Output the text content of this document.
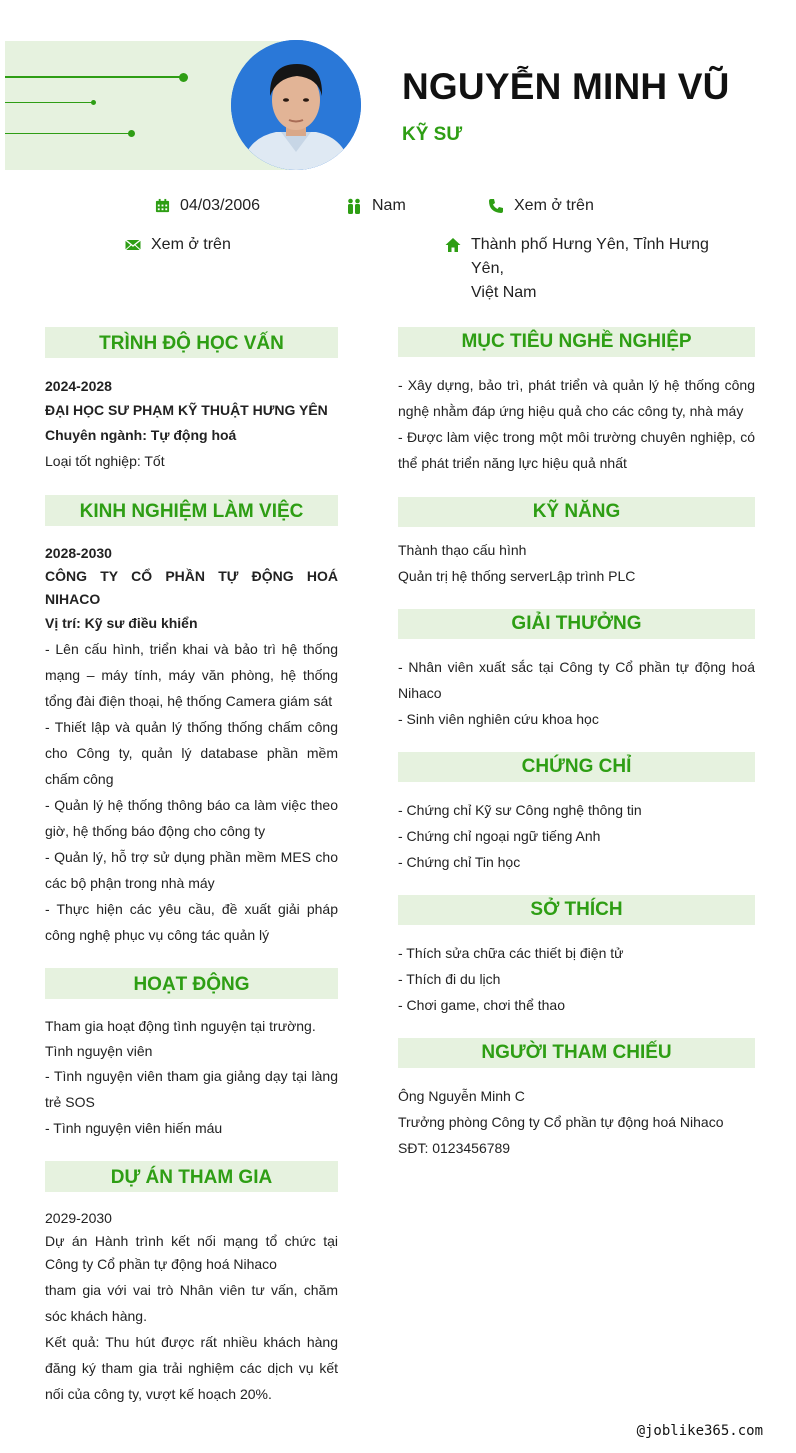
NGUYỄN MINH VŨ
KỸ SƯ
04/03/2006	Nam	Xem ở trên
Xem ở trên	Thành phố Hưng Yên, Tỉnh Hưng Yên,
Việt Nam
TRÌNH ĐỘ HỌC VẤN
2024-2028
ĐẠI HỌC SƯ PHẠM KỸ THUẬT HƯNG YÊN
Chuyên ngành: Tự động hoá
Loại tốt nghiệp: Tốt
KINH NGHIỆM LÀM VIỆC
2028-2030
CÔNG TY CỔ PHẦN TỰ ĐỘNG HOÁ NIHACO
Vị trí: Kỹ sư điều khiển
- Lên cấu hình, triển khai và bảo trì hệ thống mạng – máy tính, máy văn phòng, hệ thống tổng đài điện thoại, hệ thống Camera giám sát
- Thiết lập và quản lý thống thống chấm công cho Công ty, quản lý database phần mềm chấm công
- Quản lý hệ thống thông báo ca làm việc theo giờ, hệ thống báo động cho công ty
- Quản lý, hỗ trợ sử dụng phần mềm MES cho các bộ phận trong nhà máy
- Thực hiện các yêu cầu, đề xuất giải pháp công nghệ phục vụ công tác quản lý
HOẠT ĐỘNG
Tham gia hoạt động tình nguyện tại trường.
Tình nguyện viên
- Tình nguyện viên tham gia giảng dạy tại làng trẻ SOS
- Tình nguyện viên hiến máu
DỰ ÁN THAM GIA
2029-2030
Dự án Hành trình kết nối mạng tổ chức tại Công ty Cổ phần tự động hoá Nihaco
tham gia với vai trò Nhân viên tư vấn, chăm sóc khách hàng.
Kết quả: Thu hút được rất nhiều khách hàng đăng ký tham gia trải nghiệm các dịch vụ kết nối của công ty, vượt kế hoạch 20%.
MỤC TIÊU NGHỀ NGHIỆP
- Xây dựng, bảo trì, phát triển và quản lý hệ thống công nghệ nhằm đáp ứng hiệu quả cho các công ty, nhà máy
- Được làm việc trong một môi trường chuyên nghiệp, có thể phát triển năng lực hiệu quả nhất
KỸ NĂNG
Thành thạo cấu hình
Quản trị hệ thống serverLập trình PLC
GIẢI THƯỞNG
- Nhân viên xuất sắc tại Công ty Cổ phần tự động hoá Nihaco
- Sinh viên nghiên cứu khoa học
CHỨNG CHỈ
- Chứng chỉ Kỹ sư Công nghệ thông tin
- Chứng chỉ ngoại ngữ tiếng Anh
- Chứng chỉ Tin học
SỞ THÍCH
- Thích sửa chữa các thiết bị điện tử
- Thích đi du lịch
- Chơi game, chơi thể thao
NGƯỜI THAM CHIẾU
Ông Nguyễn Minh C
Trưởng phòng Công ty Cổ phần tự động hoá Nihaco
SĐT: 0123456789
@joblike365.com
